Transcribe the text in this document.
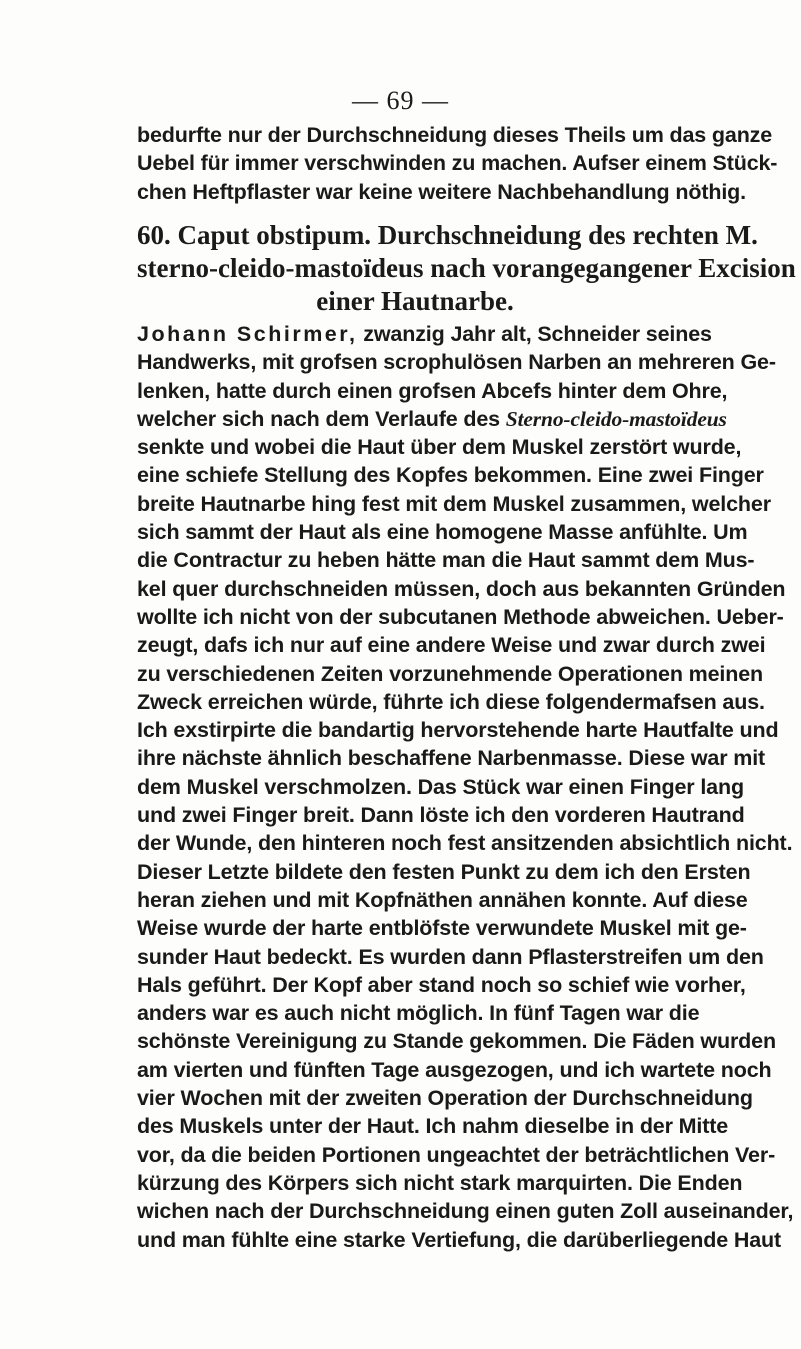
— 69 —
bedurfte nur der Durchschneidung dieses Theils um das ganze
Uebel für immer verschwinden zu machen. Aufser einem Stück-
chen Heftpflaster war keine weitere Nachbehandlung nöthig.
60. Caput obstipum. Durchschneidung des rechten M.
sterno-cleido-mastoïdeus nach vorangegangener Excision
einer Hautnarbe.
Johann Schirmer, zwanzig Jahr alt, Schneider seines
Handwerks, mit grofsen scrophulösen Narben an mehreren Ge-
lenken, hatte durch einen grofsen Abcefs hinter dem Ohre,
welcher sich nach dem Verlaufe des Sterno-cleido-mastoïdeus
senkte und wobei die Haut über dem Muskel zerstört wurde,
eine schiefe Stellung des Kopfes bekommen. Eine zwei Finger
breite Hautnarbe hing fest mit dem Muskel zusammen, welcher
sich sammt der Haut als eine homogene Masse anfühlte. Um
die Contractur zu heben hätte man die Haut sammt dem Mus-
kel quer durchschneiden müssen, doch aus bekannten Gründen
wollte ich nicht von der subcutanen Methode abweichen. Ueber-
zeugt, dafs ich nur auf eine andere Weise und zwar durch zwei
zu verschiedenen Zeiten vorzunehmende Operationen meinen
Zweck erreichen würde, führte ich diese folgendermafsen aus.
Ich exstirpirte die bandartig hervorstehende harte Hautfalte und
ihre nächste ähnlich beschaffene Narbenmasse. Diese war mit
dem Muskel verschmolzen. Das Stück war einen Finger lang
und zwei Finger breit. Dann löste ich den vorderen Hautrand
der Wunde, den hinteren noch fest ansitzenden absichtlich nicht.
Dieser Letzte bildete den festen Punkt zu dem ich den Ersten
heran ziehen und mit Kopfnäthen annähen konnte. Auf diese
Weise wurde der harte entblöfste verwundete Muskel mit ge-
sunder Haut bedeckt. Es wurden dann Pflasterstreifen um den
Hals geführt. Der Kopf aber stand noch so schief wie vorher,
anders war es auch nicht möglich. In fünf Tagen war die
schönste Vereinigung zu Stande gekommen. Die Fäden wurden
am vierten und fünften Tage ausgezogen, und ich wartete noch
vier Wochen mit der zweiten Operation der Durchschneidung
des Muskels unter der Haut. Ich nahm dieselbe in der Mitte
vor, da die beiden Portionen ungeachtet der beträchtlichen Ver-
kürzung des Körpers sich nicht stark marquirten. Die Enden
wichen nach der Durchschneidung einen guten Zoll auseinander,
und man fühlte eine starke Vertiefung, die darüberliegende Haut
